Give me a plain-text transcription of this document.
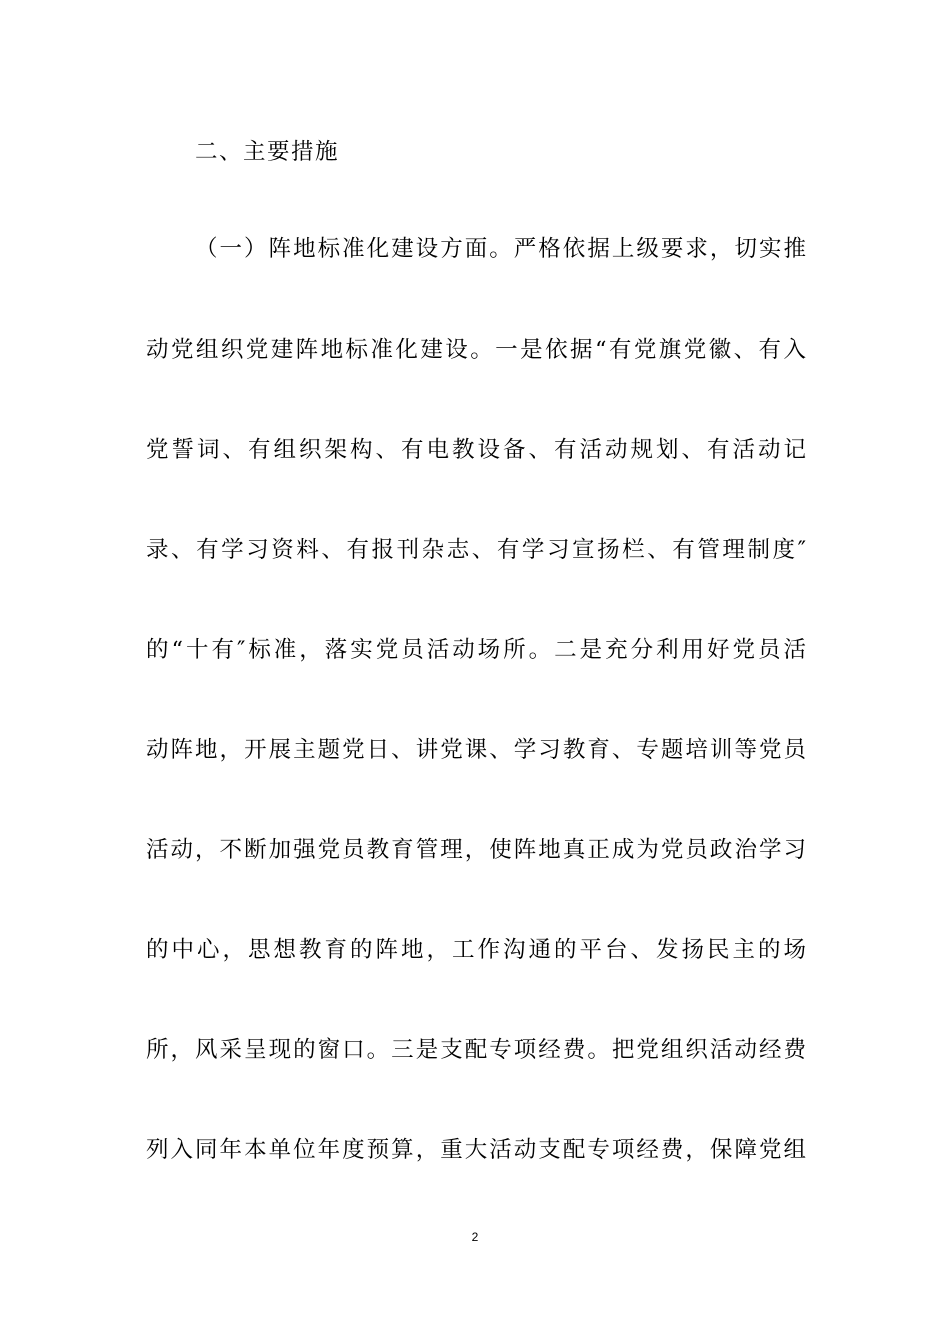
二、主要措施
（一）阵地标准化建设方面。严格依据上级要求，切实推
动党组织党建阵地标准化建设。一是依据“有党旗党徽、有入
党誓词、有组织架构、有电教设备、有活动规划、有活动记
录、有学习资料、有报刊杂志、有学习宣扬栏、有管理制度″
的“十有″标准，落实党员活动场所。二是充分利用好党员活
动阵地，开展主题党日、讲党课、学习教育、专题培训等党员
活动，不断加强党员教育管理，使阵地真正成为党员政治学习
的中心，思想教育的阵地，工作沟通的平台、发扬民主的场
所，风采呈现的窗口。三是支配专项经费。把党组织活动经费
列入同年本单位年度预算，重大活动支配专项经费，保障党组
2
